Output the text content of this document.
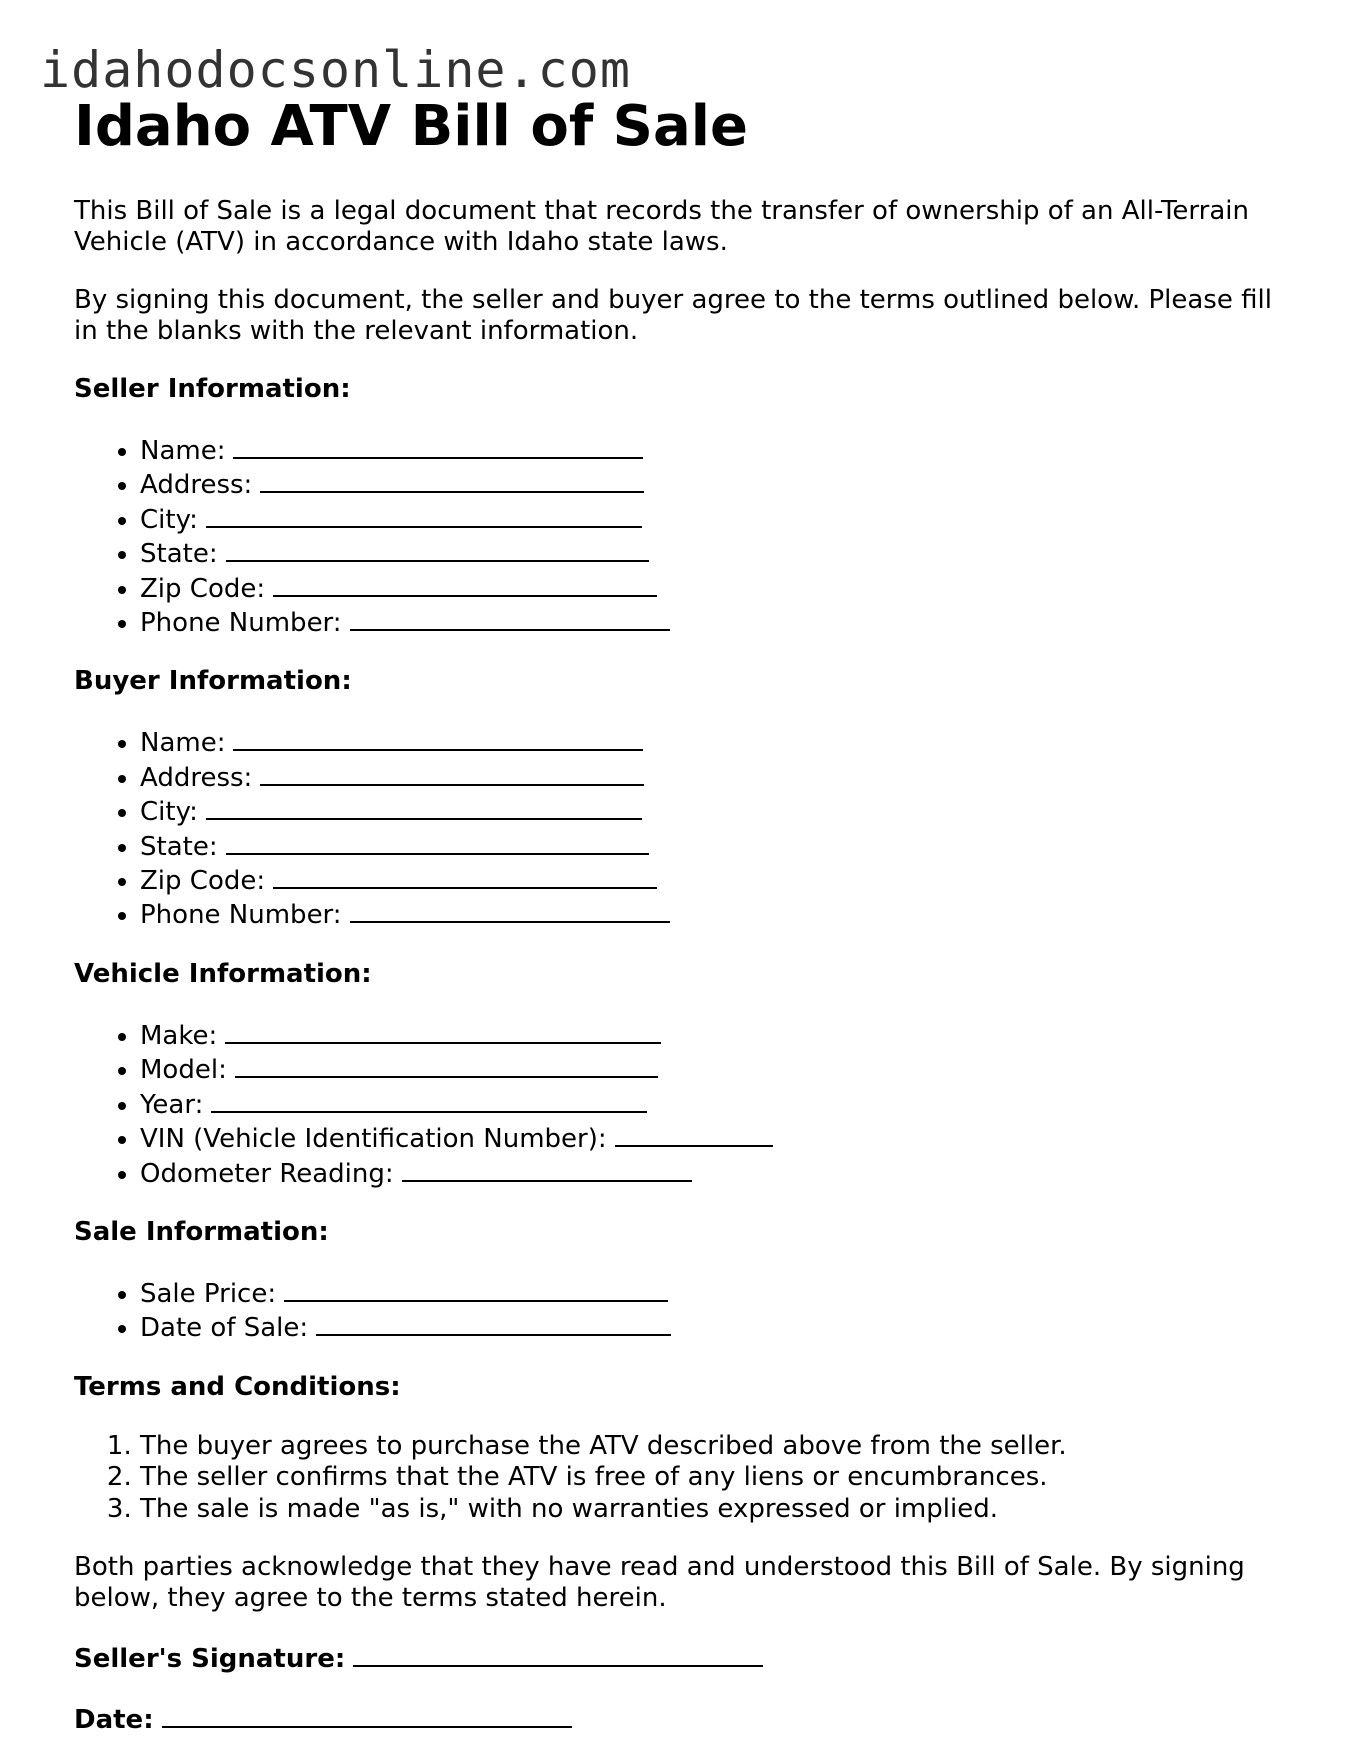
idahodocsonline.com
Idaho ATV Bill of Sale

This Bill of Sale is a legal document that records the transfer of ownership of an All-Terrain Vehicle (ATV) in accordance with Idaho state laws.

By signing this document, the seller and buyer agree to the terms outlined below. Please fill in the blanks with the relevant information.

Seller Information:
• Name:
• Address:
• City:
• State:
• Zip Code:
• Phone Number:
Buyer Information:
• Name:
• Address:
• City:
• State:
• Zip Code:
• Phone Number:
Vehicle Information:
• Make:
• Model:
• Year:
• VIN (Vehicle Identification Number):
• Odometer Reading:
Sale Information:
• Sale Price:
• Date of Sale:
Terms and Conditions:
1. The buyer agrees to purchase the ATV described above from the seller.
2. The seller confirms that the ATV is free of any liens or encumbrances.
3. The sale is made "as is," with no warranties expressed or implied.

Both parties acknowledge that they have read and understood this Bill of Sale. By signing below, they agree to the terms stated herein.

Seller's Signature:
Date:
